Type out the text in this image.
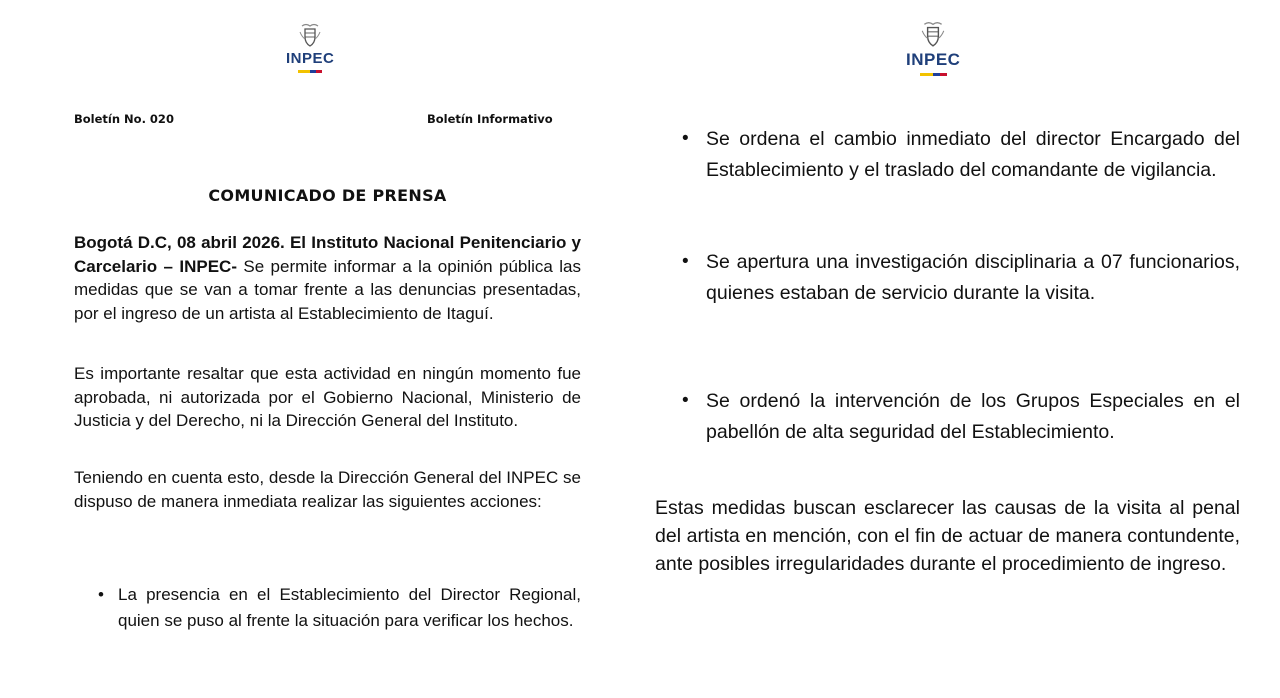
INPEC
Boletín No. 020	Boletín Informativo
COMUNICADO DE PRENSA

Bogotá D.C, 08 abril 2026. El Instituto Nacional Penitenciario y Carcelario – INPEC- Se permite informar a la opinión pública las medidas que se van a tomar frente a las denuncias presentadas, por el ingreso de un artista al Establecimiento de Itaguí.

Es importante resaltar que esta actividad en ningún momento fue aprobada, ni autorizada por el Gobierno Nacional, Ministerio de Justicia y del Derecho, ni la Dirección General del Instituto.

Teniendo en cuenta esto, desde la Dirección General del INPEC se dispuso de manera inmediata realizar las siguientes acciones:

• La presencia en el Establecimiento del Director Regional, quien se puso al frente la situación para verificar los hechos.

INPEC
• Se ordena el cambio inmediato del director Encargado del Establecimiento y el traslado del comandante de vigilancia.

• Se apertura una investigación disciplinaria a 07 funcionarios, quienes estaban de servicio durante la visita.

• Se ordenó la intervención de los Grupos Especiales en el pabellón de alta seguridad del Establecimiento.

Estas medidas buscan esclarecer las causas de la visita al penal del artista en mención, con el fin de actuar de manera contundente, ante posibles irregularidades durante el procedimiento de ingreso.
